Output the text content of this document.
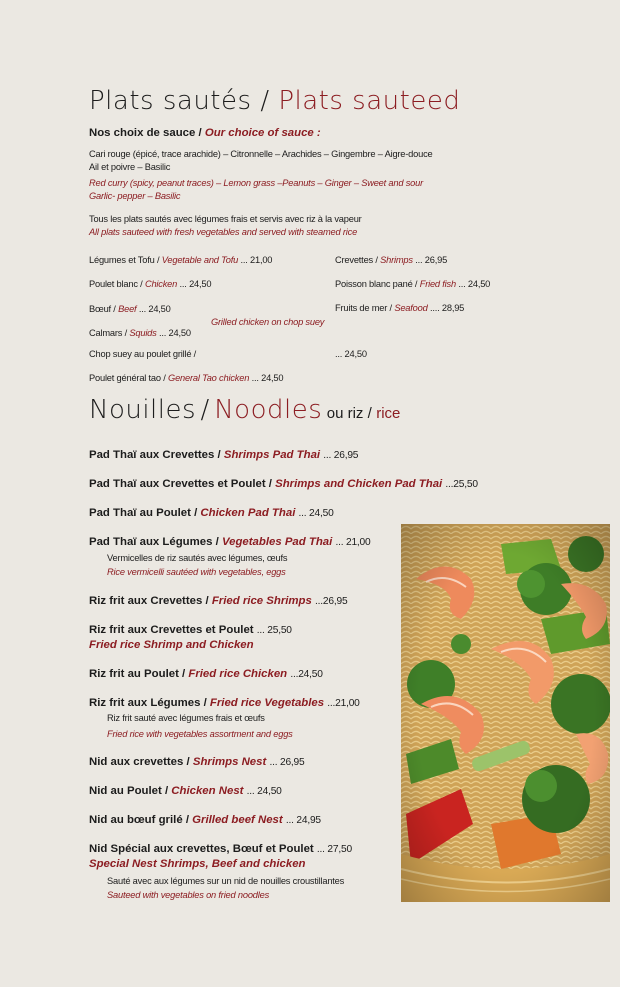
Plats sautés / Plats sauteed
Nos choix de sauce / Our choice of sauce :
Cari rouge (épicé, trace arachide) – Citronnelle – Arachides – Gingembre – Aigre-douce
Ail et poivre – Basilic
Red curry (spicy, peanut traces) – Lemon grass –Peanuts – Ginger – Sweet and sour
Garlic- pepper – Basilic
Tous les plats sautés avec légumes frais et servis avec riz à la vapeur
All plats sauteed with fresh vegetables and served with steamed rice
Légumes et Tofu / Vegetable and Tofu ... 21,00	Crevettes / Shrimps ... 26,95
Poulet blanc / Chicken ... 24,50	Poisson blanc pané / Fried fish ... 24,50
Bœuf / Beef ... 24,50	Fruits de mer / Seafood .... 28,95
Grilled chicken on chop suey
Calmars / Squids ... 24,50
Chop suey au poulet grillé /	... 24,50
Poulet général tao / General Tao chicken ... 24,50
Nouilles / Noodles ou riz / rice
Pad Thaï aux Crevettes / Shrimps Pad Thai ... 26,95
Pad Thaï aux Crevettes et Poulet / Shrimps and Chicken Pad Thai ...25,50
Pad Thaï au Poulet / Chicken Pad Thai ... 24,50
Pad Thaï aux Légumes / Vegetables Pad Thai ... 21,00
Vermicelles de riz sautés avec légumes, œufs
Rice vermicelli sautéed with vegetables, eggs
Riz frit aux Crevettes / Fried rice Shrimps ...26,95
Riz frit aux Crevettes et Poulet ... 25,50
Fried rice Shrimp and Chicken
Riz frit au Poulet / Fried rice Chicken ...24,50
Riz frit aux Légumes / Fried rice Vegetables ...21,00
Riz frit sauté avec légumes frais et œufs
Fried rice with vegetables assortment and eggs
Nid aux crevettes / Shrimps Nest ... 26,95
Nid au Poulet / Chicken Nest ... 24,50
Nid au bœuf grilé / Grilled beef Nest ... 24,95
Nid Spécial aux crevettes, Bœuf et Poulet ... 27,50
Special Nest Shrimps, Beef and chicken
Sauté avec aux légumes sur un nid de nouilles croustillantes
Sauteed with vegetables on fried noodles
